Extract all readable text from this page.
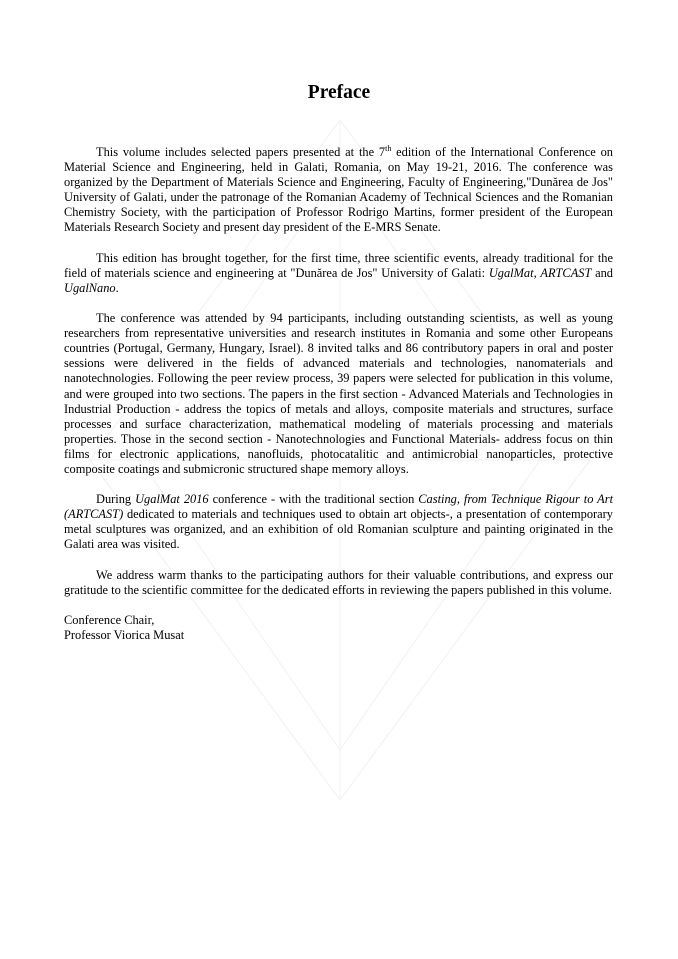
Preface

This volume includes selected papers presented at the 7th edition of the International Conference on Material Science and Engineering, held in Galati, Romania, on May 19-21, 2016. The conference was organized by the Department of Materials Science and Engineering, Faculty of Engineering,"Dunărea de Jos" University of Galati, under the patronage of the Romanian Academy of Technical Sciences and the Romanian Chemistry Society, with the participation of Professor Rodrigo Martins, former president of the European Materials Research Society and present day president of the E-MRS Senate.

This edition has brought together, for the first time, three scientific events, already traditional for the field of materials science and engineering at "Dunărea de Jos" University of Galati: UgalMat, ARTCAST and UgalNano.

The conference was attended by 94 participants, including outstanding scientists, as well as young researchers from representative universities and research institutes in Romania and some other Europeans countries (Portugal, Germany, Hungary, Israel). 8 invited talks and 86 contributory papers in oral and poster sessions were delivered in the fields of advanced materials and technologies, nanomaterials and nanotechnologies. Following the peer review process, 39 papers were selected for publication in this volume, and were grouped into two sections. The papers in the first section - Advanced Materials and Technologies in Industrial Production - address the topics of metals and alloys, composite materials and structures, surface processes and surface characterization, mathematical modeling of materials processing and materials properties. Those in the second section - Nanotechnologies and Functional Materials- address focus on thin films for electronic applications, nanofluids, photocatalitic and antimicrobial nanoparticles, protective composite coatings and submicronic structured shape memory alloys.

During UgalMat 2016 conference - with the traditional section Casting, from Technique Rigour to Art (ARTCAST) dedicated to materials and techniques used to obtain art objects-, a presentation of contemporary metal sculptures was organized, and an exhibition of old Romanian sculpture and painting originated in the Galati area was visited.

We address warm thanks to the participating authors for their valuable contributions, and express our gratitude to the scientific committee for the dedicated efforts in reviewing the papers published in this volume.

Conference Chair,
Professor Viorica Musat
